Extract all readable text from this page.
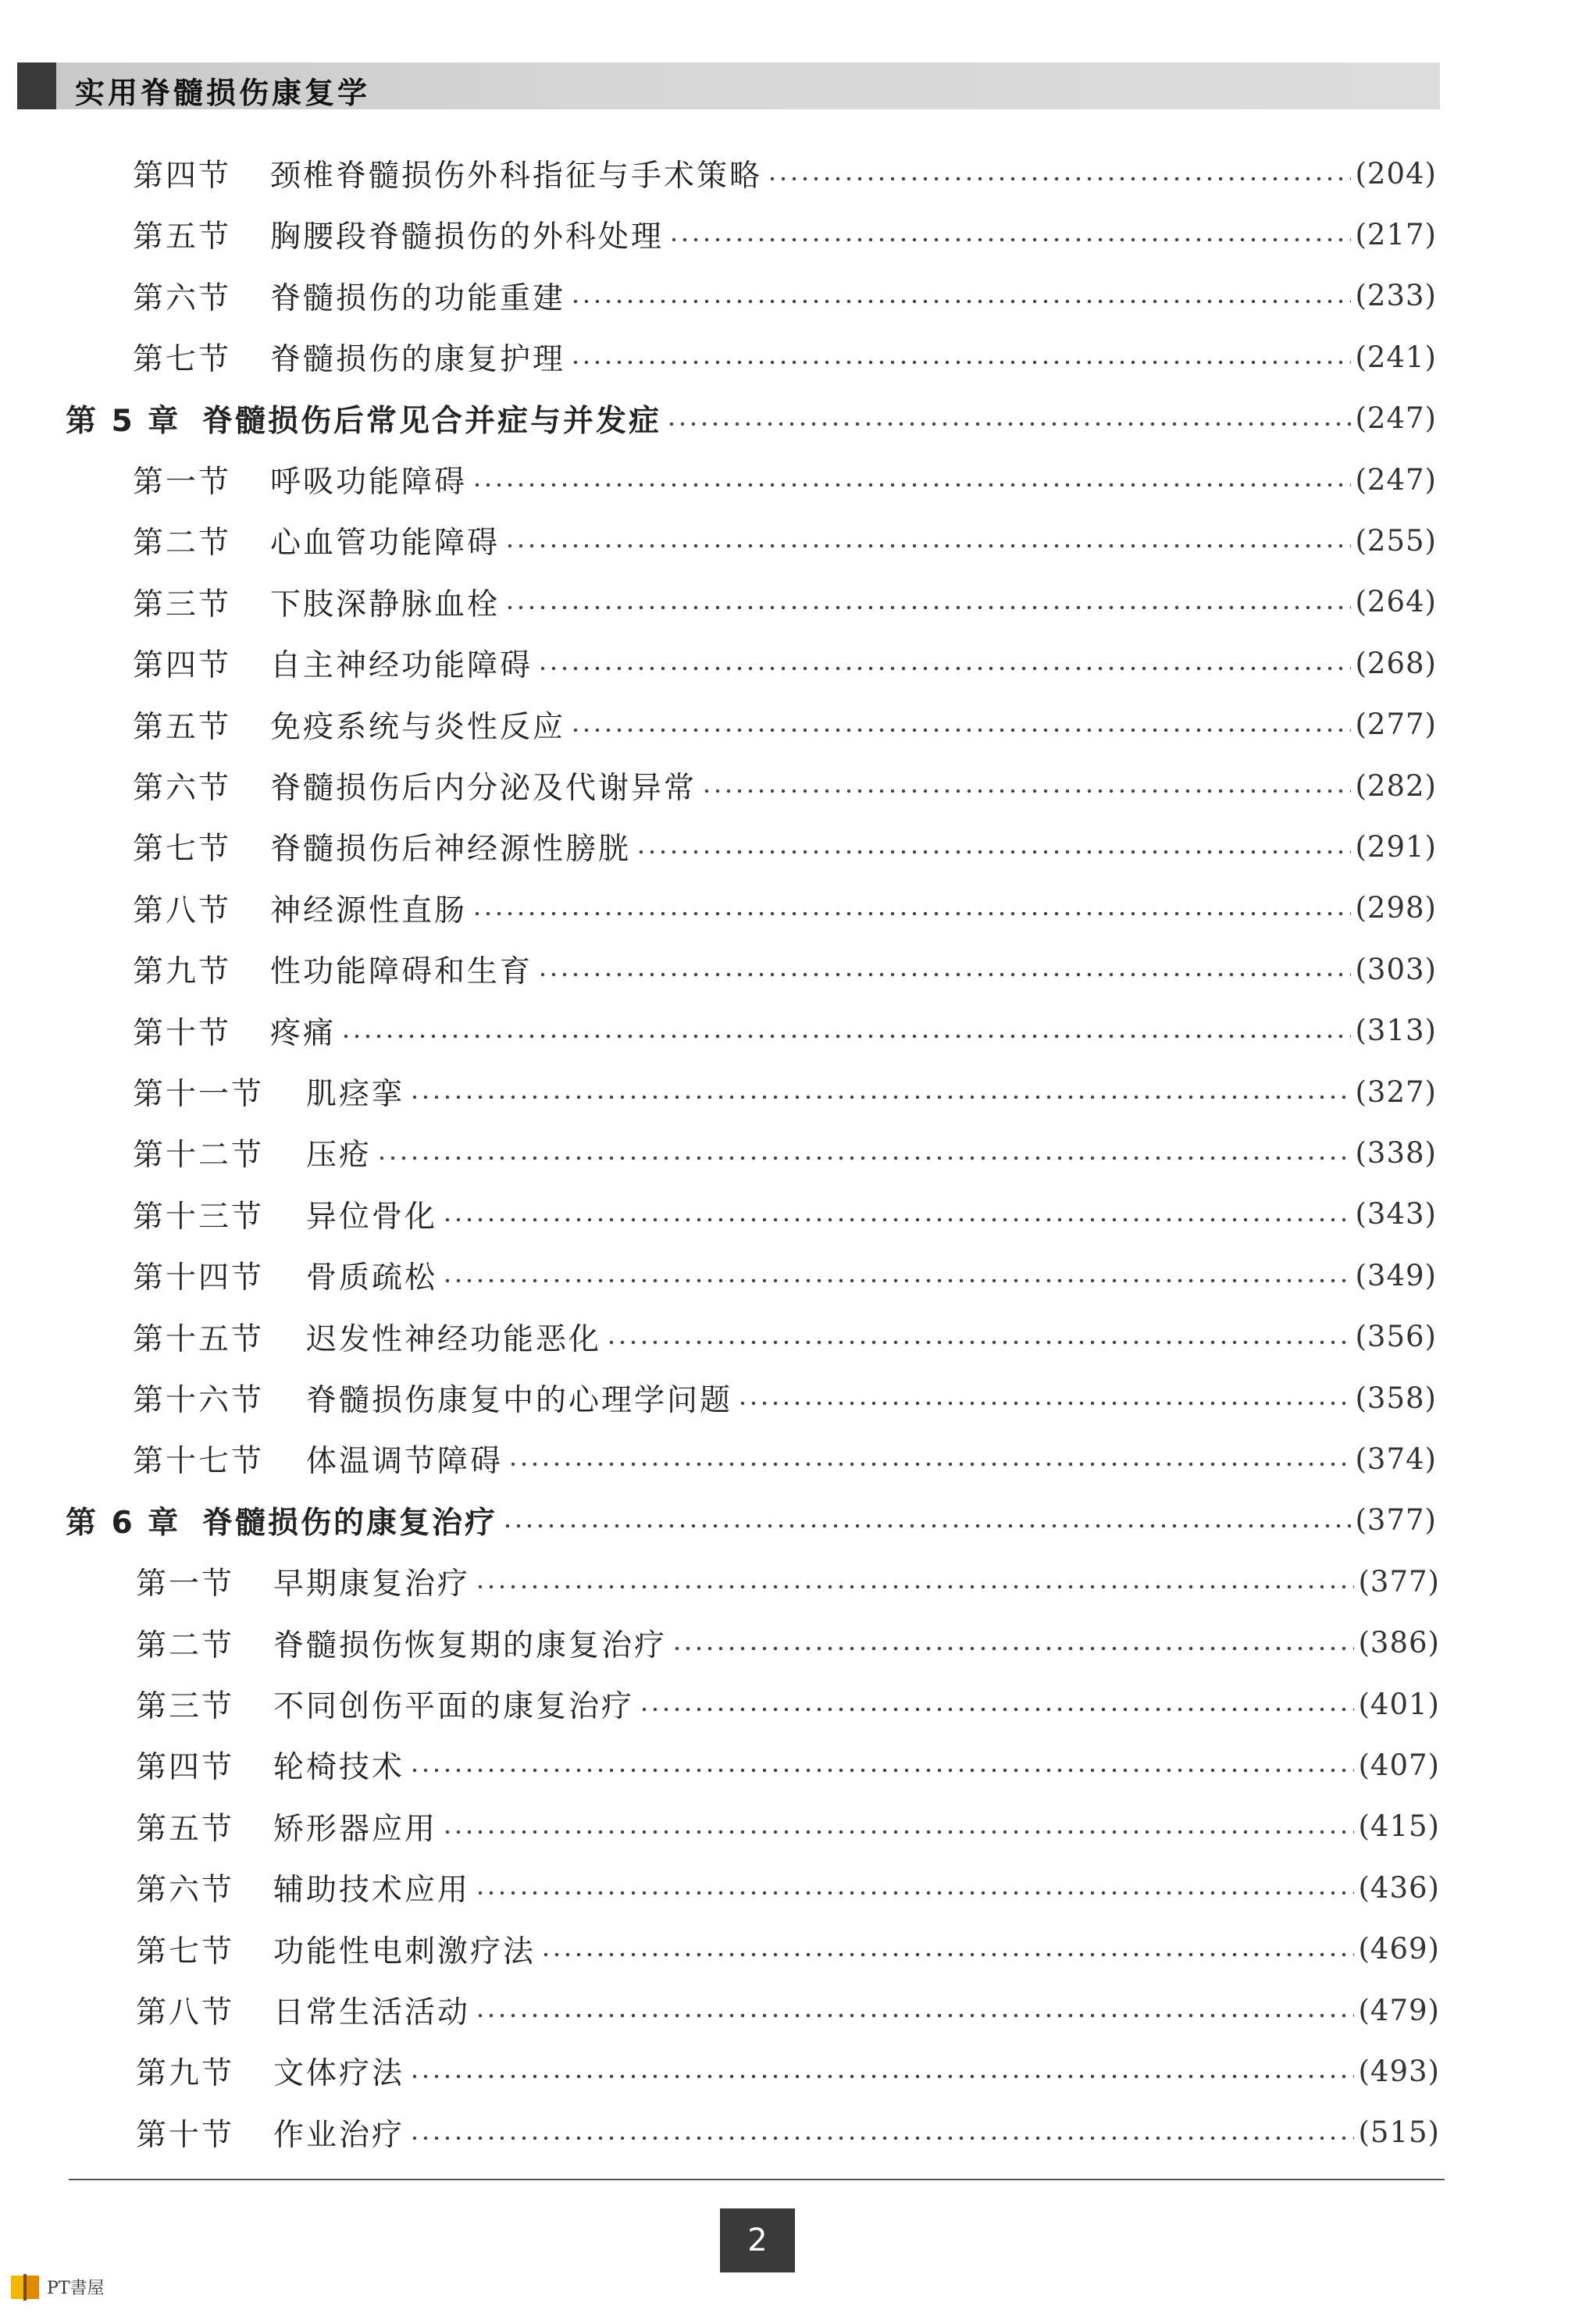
实用脊髓损伤康复学
第四节	颈椎脊髓损伤外科指征与手术策略	(204)
第五节	胸腰段脊髓损伤的外科处理	(217)
第六节	脊髓损伤的功能重建	(233)
第七节	脊髓损伤的康复护理	(241)
第 5 章 脊髓损伤后常见合并症与并发症	(247)
第一节	呼吸功能障碍	(247)
第二节	心血管功能障碍	(255)
第三节	下肢深静脉血栓	(264)
第四节	自主神经功能障碍	(268)
第五节	免疫系统与炎性反应	(277)
第六节	脊髓损伤后内分泌及代谢异常	(282)
第七节	脊髓损伤后神经源性膀胱	(291)
第八节	神经源性直肠	(298)
第九节	性功能障碍和生育	(303)
第十节	疼痛	(313)
第十一节	肌痉挛	(327)
第十二节	压疮	(338)
第十三节	异位骨化	(343)
第十四节	骨质疏松	(349)
第十五节	迟发性神经功能恶化	(356)
第十六节	脊髓损伤康复中的心理学问题	(358)
第十七节	体温调节障碍	(374)
第 6 章 脊髓损伤的康复治疗	(377)
第一节	早期康复治疗	(377)
第二节	脊髓损伤恢复期的康复治疗	(386)
第三节	不同创伤平面的康复治疗	(401)
第四节	轮椅技术	(407)
第五节	矫形器应用	(415)
第六节	辅助技术应用	(436)
第七节	功能性电刺激疗法	(469)
第八节	日常生活活动	(479)
第九节	文体疗法	(493)
第十节	作业治疗	(515)
2
PT書屋
